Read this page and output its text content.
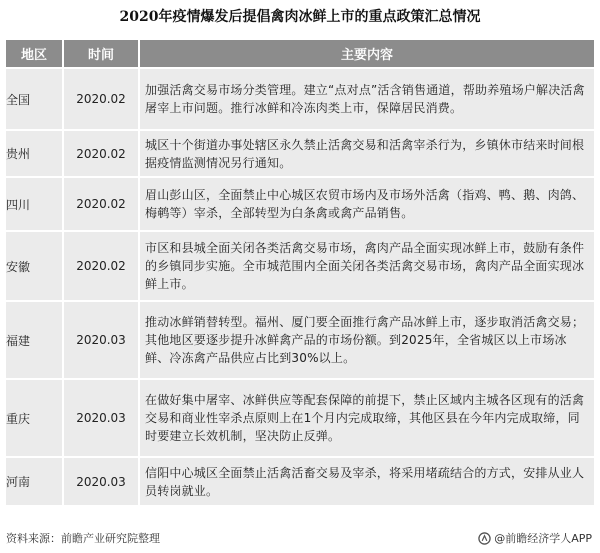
2020年疫情爆发后提倡禽肉冰鲜上市的重点政策汇总情况
地区	时间	主要内容
全国	2020.02	加强活禽交易市场分类管理。建立“点对点”活含销售通道，帮助养殖场户解决活禽屠宰上市问题。推行冰鲜和冷冻肉类上市，保障居民消费。
贵州	2020.02	城区十个街道办事处辖区永久禁止活禽交易和活禽宰杀行为，乡镇休市结来时间根据疫情监测情况另行通知。
四川	2020.02	眉山彭山区，全面禁止中心城区农贸市场内及市场外活禽（指鸡、鸭、鹅、肉鸽、梅鹌等）宰杀，全部转型为白条禽或禽产品销售。
安徽	2020.02	市区和县城全面关闭各类活禽交易市场，禽肉产品全面实现冰鲜上市，鼓励有条件的乡镇同步实施。全市城范围内全面关闭各类活禽交易市场，禽肉产品全面实现冰鲜上市。
福建	2020.03	推动冰鲜销替转型。福州、厦门要全面推行禽产品冰鲜上市，逐步取消活禽交易；其他地区要逐步提升冰鲜禽产品的市场份额。到2025年，全省城区以上市场冰鲜、冷冻禽产品供应占比到30%以上。
重庆	2020.03	在做好集中屠宰、冰鲜供应等配套保障的前提下，禁止区域内主城各区现有的活禽交易和商业性宰杀点原则上在1个月内完成取缔，其他区县在今年内完成取缔，同时要建立长效机制，坚决防止反弹。
河南	2020.03	信阳中心城区全面禁止活禽活畜交易及宰杀，将采用堵疏结合的方式，安排从业人员转岗就业。
资料来源：前瞻产业研究院整理	@前瞻经济学人APP
